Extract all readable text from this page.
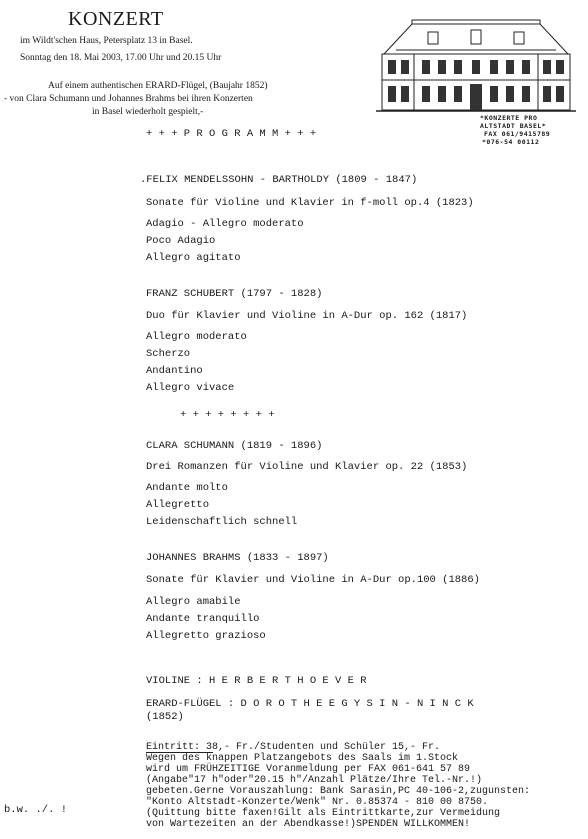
KONZERT
im Wildt'schen Haus, Petersplatz 13 in Basel.
Sonntag den 18. Mai 2003, 17.00 Uhr und 20.15 Uhr
Auf einem authentischen ERARD-Flügel, (Baujahr 1852)
- von Clara Schumann und Johannes Brahms bei ihren Konzerten
in Basel wiederholt gespielt,-
*KONZERTE PRO
ALTSTADT BASEL*
FAX 061/9415789
*076-54 00112
+ + + P R O G R A M M + + +
.FELIX MENDELSSOHN - BARTHOLDY (1809 - 1847)
Sonate für Violine und Klavier in f-moll op.4 (1823)
Adagio - Allegro moderato
Poco Adagio
Allegro agitato
FRANZ SCHUBERT (1797 - 1828)
Duo für Klavier und Violine in A-Dur op. 162 (1817)
Allegro moderato
Scherzo
Andantino
Allegro vivace
+ + + + + + + +
CLARA SCHUMANN (1819 - 1896)
Drei Romanzen für Violine und Klavier op. 22 (1853)
Andante molto
Allegretto
Leidenschaftlich schnell
JOHANNES BRAHMS (1833 - 1897)
Sonate für Klavier und Violine in A-Dur op.100 (1886)
Allegro amabile
Andante tranquillo
Allegretto grazioso
VIOLINE : H E R B E R T H O E V E R
ERARD-FLÜGEL : D O R O T H E E G Y S I N - N I N C K
(1852)
Eintritt: 38,- Fr./Studenten und Schüler 15,- Fr.
Wegen des knappen Platzangebots des Saals im 1.Stock
wird um FRÜHZEITIGE Voranmeldung per FAX 061-641 57 89
(Angabe"17 h"oder"20.15 h"/Anzahl Plätze/Ihre Tel.-Nr.!)
gebeten.Gerne Vorauszahlung: Bank Sarasin,PC 40-106-2,zugunsten:
"Konto Altstadt-Konzerte/Wenk" Nr. 0.85374 - 810 00 8750.
(Quittung bitte faxen!Gilt als Eintrittkarte,zur Vermeidung
von Wartezeiten an der Abendkasse!)SPENDEN WILLKOMMEN!
b.w. ./. !
